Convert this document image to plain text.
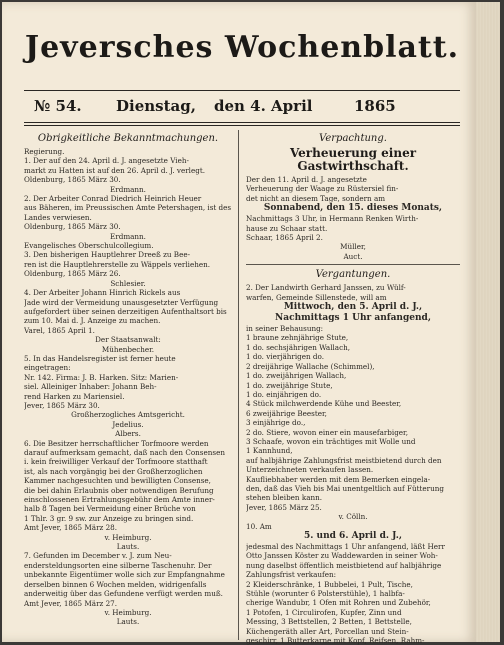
Jeversches Wochenblatt.
№ 54. Dienstag, den 4. April	1865
Obrigkeitliche Bekanntmachungen.
Regierung.
1. Der auf den 24. April d. J. angesetzte Vieh-
markt zu Hatten ist auf den 26. April d. J. verlegt.
Oldenburg, 1865 März 30.
Erdmann.
2. Der Arbeiter Conrad Diedrich Heinrich Heuer
aus Bäheren, im Preussischen Amte Petershagen, ist des
Landes verwiesen.
Oldenburg, 1865 März 30.
Erdmann.
Evangelisches Oberschulcollegium.
3. Den bisherigen Hauptlehrer Dreeß zu Bee-
ren ist die Hauptlehrerstelle zu Wäppels verliehen.
Oldenburg, 1865 März 26.
Schlesier.
4. Der Arbeiter Johann Hinrich Rickels aus
Jade wird der Vermeidung unausgesetzter Verfügung
aufgefordert über seinen derzeitigen Aufenthaltsort bis
zum 10. Mai d. J. Anzeige zu machen.
Varel, 1865 April 1.
Der Staatsanwalt:
Mühenbecher.
5. In das Handelsregister ist ferner heute
eingetragen:
Nr. 142. Firma: J. B. Harken. Sitz: Marien-
siel. Alleiniger Inhaber: Johann Beh-
rend Harken zu Mariensiel.
Jever, 1865 März 30.
Großherzogliches Amtsgericht.
Jedelius.
Albers.
6. Die Besitzer herrschaftlicher Torfmoore werden
darauf aufmerksam gemacht, daß nach den Consensen
i. kein freiwilliger Verkauf der Torfmoore statthaft
ist, als nach vorgängig bei der Großherzoglichen
Kammer nachgesuchten und bewilligten Consense,
die bei dahin Erlaubnis ober notwendigen Berufung
einschlossenen Ertrahlungsgebühr dem Amte inner-
halb 8 Tagen bei Vermeidung einer Brüche von
1 Thlr. 3 gr. 9 sw. zur Anzeige zu bringen sind.
Amt Jever, 1865 März 28.
v. Heimburg.
Lauts.
7. Gefunden im December v. J. zum Neu-
endersteldungsorten eine silberne Taschenuhr. Der
unbekannte Eigentümer wolle sich zur Empfangnahme
derselben binnen 6 Wochen melden, widrigenfalls
anderweitig über das Gefundene verfügt werden muß.
Amt Jever, 1865 März 27.
v. Heimburg.
Lauts.
Verpachtung.
Verheuerung einer Gastwirthschaft.
Der den 11. April d. J. angesetzte
Verheuerung der Waage zu Rüstersiel fin-
det nicht an diesem Tage, sondern am
Sonnabend, den 15. dieses Monats,
Nachmittags 3 Uhr, in Hermann Renken Wirth-
hause zu Schaar statt.
Schaar, 1865 April 2.
Müller,
Auct.
Vergantungen.
2. Der Landwirth Gerhard Janssen, zu Wülf-
warfen, Gemeinde Sillenstede, will am
Mittwoch, den 5. April d. J.,
Nachmittags 1 Uhr anfangend,
in seiner Behausung:
1 braune zehnjährige Stute,
1 do. sechsjährigen Wallach,
1 do. vierjährigen do.
2 dreijährige Wallache (Schimmel),
1 do. zweijährigen Wallach,
1 do. zweijährige Stute,
1 do. einjährigen do.
4 Stück milchwerdende Kühe und Beester,
6 zweijährige Beester,
3 einjährige do.,
2 do. Stiere, wovon einer ein mausefarbiger,
3 Schaafe, wovon ein trächtiges mit Wolle und
1 Kannhund,
auf halbjährige Zahlungsfrist meistbietend durch den
Unterzeichneten verkaufen lassen.
Kaufliebhaber werden mit dem Bemerken eingela-
den, daß das Vieh bis Mai unentgeltlich auf Fütterung
stehen bleiben kann.
Jever, 1865 März 25.
v. Cölln.
10. Am
5. und 6. April d. J.,
jedesmal des Nachmittags 1 Uhr anfangend, läßt Herr
Otto Janssen Köster zu Waddewarden in seiner Woh-
nung daselbst öffentlich meistbietend auf halbjährige
Zahlungsfrist verkaufen:
2 Kleiderschränke, 1 Bubbelei, 1 Pult, Tische,
Stühle (worunter 6 Polsterstühle), 1 halbfa-
cherige Wandubr, 1 Ofen mit Rohren und Zubehör,
1 Potofen, 1 Circulirofen, Kupfer, Zinn und
Messing, 3 Bettstellen, 2 Betten, 1 Bettstelle,
Küchengeräth aller Art, Porcellan und Stein-
geschirr, 1 Butterkarne mit Kopf, Reifsen, Rahm-
